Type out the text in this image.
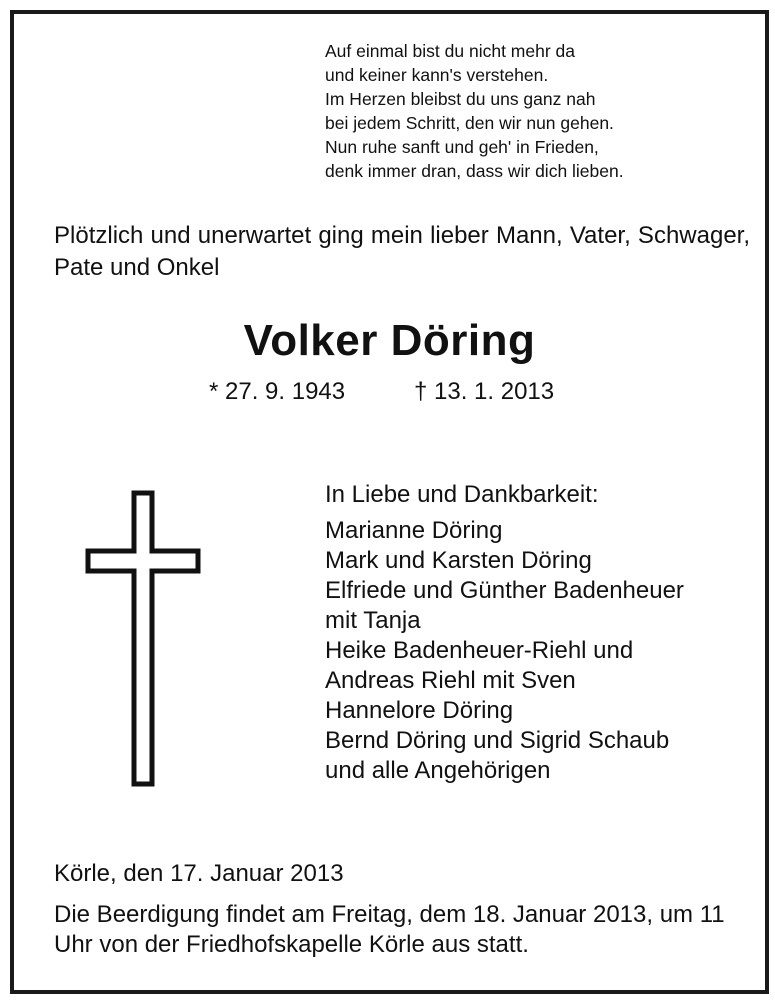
Auf einmal bist du nicht mehr da
und keiner kann's verstehen.
Im Herzen bleibst du uns ganz nah
bei jedem Schritt, den wir nun gehen.
Nun ruhe sanft und geh' in Frieden,
denk immer dran, dass wir dich lieben.
Plötzlich und unerwartet ging mein lieber Mann, Vater, Schwager, Pate und Onkel
Volker Döring
* 27. 9. 1943	† 13. 1. 2013
In Liebe und Dankbarkeit:
Marianne Döring
Mark und Karsten Döring
Elfriede und Günther Badenheuer
mit Tanja
Heike Badenheuer-Riehl und
Andreas Riehl mit Sven
Hannelore Döring
Bernd Döring und Sigrid Schaub
und alle Angehörigen
Körle, den 17. Januar 2013
Die Beerdigung findet am Freitag, dem 18. Januar 2013, um 11 Uhr von der Friedhofskapelle Körle aus statt.
